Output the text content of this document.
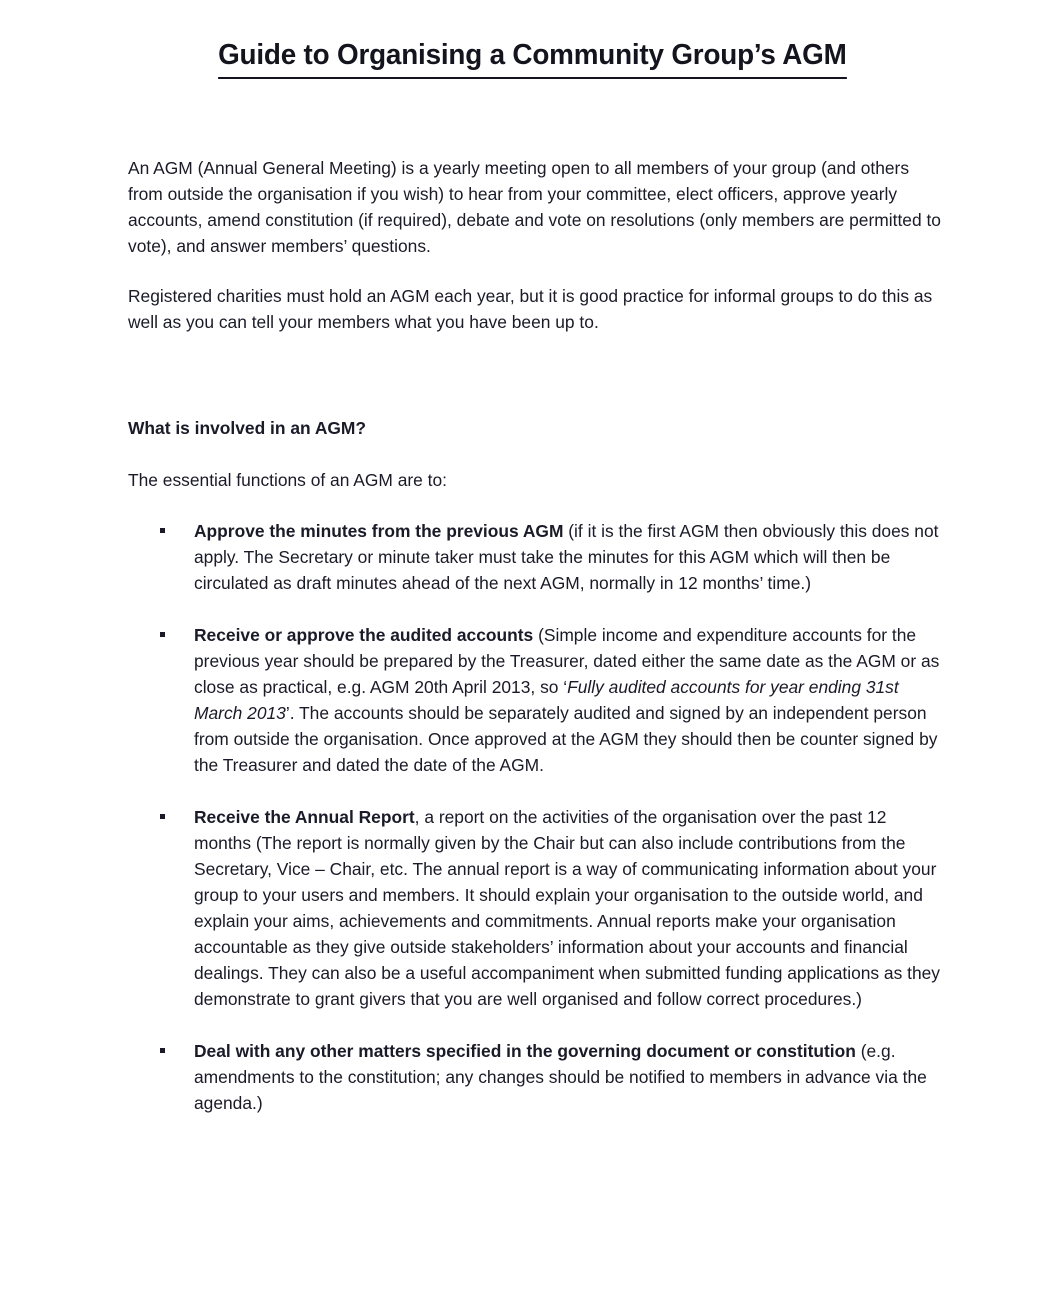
Guide to Organising a Community Group’s AGM

An AGM (Annual General Meeting) is a yearly meeting open to all members of your group (and others from outside the organisation if you wish) to hear from your committee, elect officers, approve yearly accounts, amend constitution (if required), debate and vote on resolutions (only members are permitted to vote), and answer members’ questions.

Registered charities must hold an AGM each year, but it is good practice for informal groups to do this as well as you can tell your members what you have been up to.

What is involved in an AGM?

The essential functions of an AGM are to:

Approve the minutes from the previous AGM (if it is the first AGM then obviously this does not apply. The Secretary or minute taker must take the minutes for this AGM which will then be circulated as draft minutes ahead of the next AGM, normally in 12 months’ time.)
Receive or approve the audited accounts (Simple income and expenditure accounts for the previous year should be prepared by the Treasurer, dated either the same date as the AGM or as close as practical, e.g. AGM 20th April 2013, so ‘Fully audited accounts for year ending 31st March 2013’. The accounts should be separately audited and signed by an independent person from outside the organisation. Once approved at the AGM they should then be counter signed by the Treasurer and dated the date of the AGM.
Receive the Annual Report, a report on the activities of the organisation over the past 12 months (The report is normally given by the Chair but can also include contributions from the Secretary, Vice – Chair, etc. The annual report is a way of communicating information about your group to your users and members. It should explain your organisation to the outside world, and explain your aims, achievements and commitments. Annual reports make your organisation accountable as they give outside stakeholders’ information about your accounts and financial dealings. They can also be a useful accompaniment when submitted funding applications as they demonstrate to grant givers that you are well organised and follow correct procedures.)
Deal with any other matters specified in the governing document or constitution (e.g. amendments to the constitution; any changes should be notified to members in advance via the agenda.)
